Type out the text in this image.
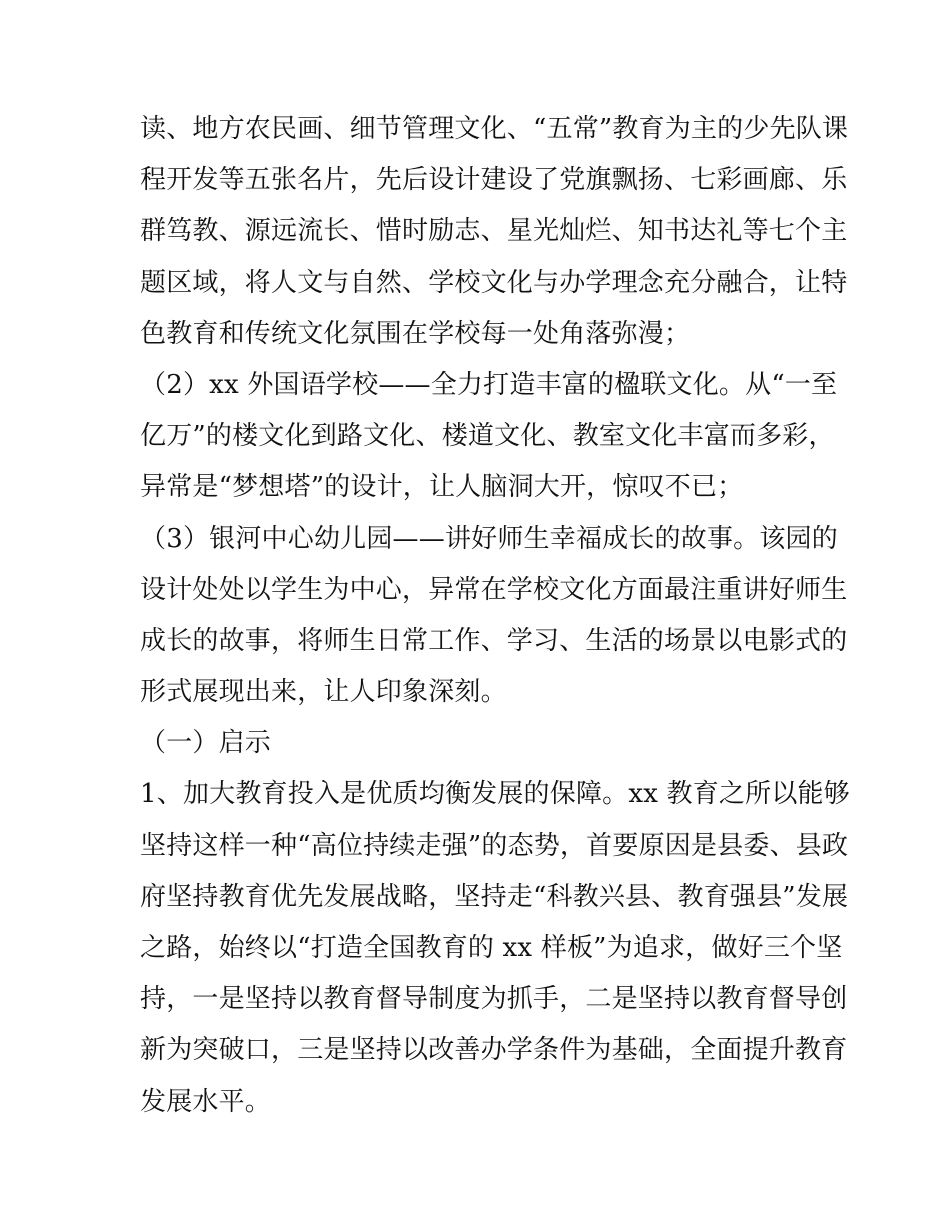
读、地方农民画、细节管理文化、“五常”教育为主的少先队课
程开发等五张名片，先后设计建设了党旗飘扬、七彩画廊、乐
群笃教、源远流长、惜时励志、星光灿烂、知书达礼等七个主
题区域，将人文与自然、学校文化与办学理念充分融合，让特
色教育和传统文化氛围在学校每一处角落弥漫；
（2）xx 外国语学校——全力打造丰富的楹联文化。从“一至
亿万”的楼文化到路文化、楼道文化、教室文化丰富而多彩，
异常是“梦想塔”的设计，让人脑洞大开，惊叹不已；
（3）银河中心幼儿园——讲好师生幸福成长的故事。该园的
设计处处以学生为中心，异常在学校文化方面最注重讲好师生
成长的故事，将师生日常工作、学习、生活的场景以电影式的
形式展现出来，让人印象深刻。
（一）启示
1、加大教育投入是优质均衡发展的保障。xx 教育之所以能够
坚持这样一种“高位持续走强”的态势，首要原因是县委、县政
府坚持教育优先发展战略，坚持走“科教兴县、教育强县”发展
之路，始终以“打造全国教育的 xx 样板”为追求，做好三个坚
持，一是坚持以教育督导制度为抓手，二是坚持以教育督导创
新为突破口，三是坚持以改善办学条件为基础，全面提升教育
发展水平。
